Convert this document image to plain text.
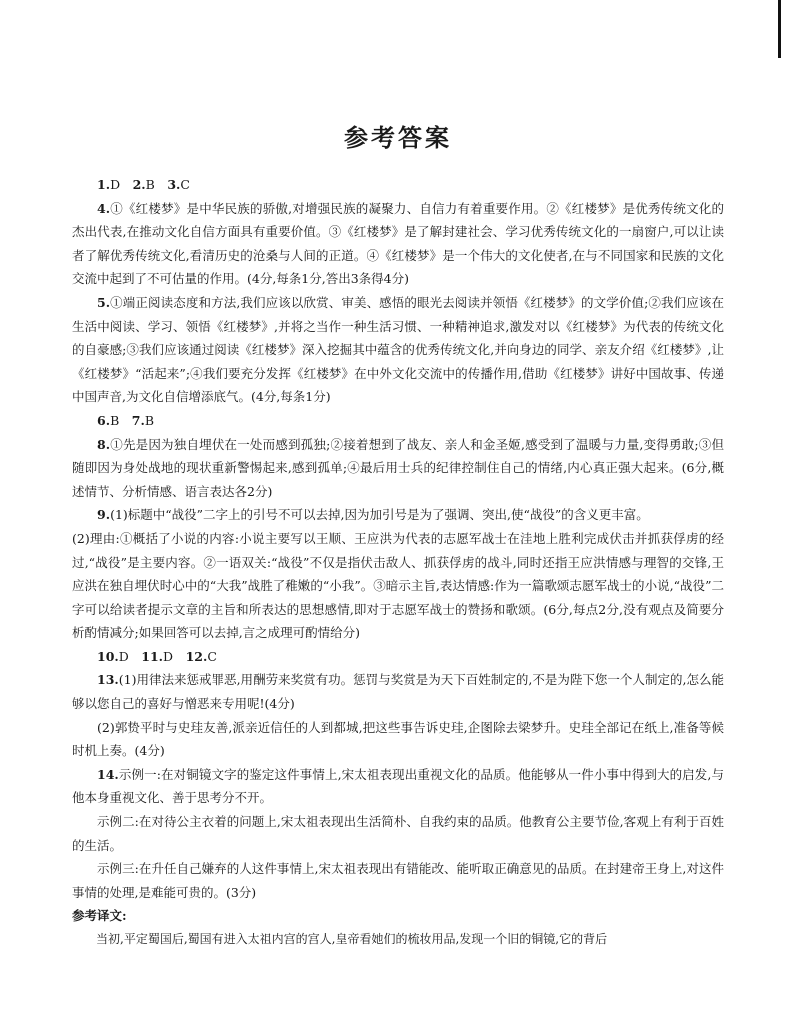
参考答案

1.D　2.B　3.C

4.①《红楼梦》是中华民族的骄傲,对增强民族的凝聚力、自信力有着重要作用。②《红楼梦》是优秀传统文化的杰出代表,在推动文化自信方面具有重要价值。③《红楼梦》是了解封建社会、学习优秀传统文化的一扇窗户,可以让读者了解优秀传统文化,看清历史的沧桑与人间的正道。④《红楼梦》是一个伟大的文化使者,在与不同国家和民族的文化交流中起到了不可估量的作用。(4分,每条1分,答出3条得4分)

5.①端正阅读态度和方法,我们应该以欣赏、审美、感悟的眼光去阅读并领悟《红楼梦》的文学价值;②我们应该在生活中阅读、学习、领悟《红楼梦》,并将之当作一种生活习惯、一种精神追求,激发对以《红楼梦》为代表的传统文化的自豪感;③我们应该通过阅读《红楼梦》深入挖掘其中蕴含的优秀传统文化,并向身边的同学、亲友介绍《红楼梦》,让《红楼梦》“活起来”;④我们要充分发挥《红楼梦》在中外文化交流中的传播作用,借助《红楼梦》讲好中国故事、传递中国声音,为文化自信增添底气。(4分,每条1分)

6.B　7.B

8.①先是因为独自埋伏在一处而感到孤独;②接着想到了战友、亲人和金圣姬,感受到了温暖与力量,变得勇敢;③但随即因为身处战地的现状重新警惕起来,感到孤单;④最后用士兵的纪律控制住自己的情绪,内心真正强大起来。(6分,概述情节、分析情感、语言表达各2分)

9.(1)标题中“战役”二字上的引号不可以去掉,因为加引号是为了强调、突出,使“战役”的含义更丰富。

(2)理由:①概括了小说的内容:小说主要写以王顺、王应洪为代表的志愿军战士在洼地上胜利完成伏击并抓获俘虏的经过,“战役”是主要内容。②一语双关:“战役”不仅是指伏击敌人、抓获俘虏的战斗,同时还指王应洪情感与理智的交锋,王应洪在独自埋伏时心中的“大我”战胜了稚嫩的“小我”。③暗示主旨,表达情感:作为一篇歌颂志愿军战士的小说,“战役”二字可以给读者提示文章的主旨和所表达的思想感情,即对于志愿军战士的赞扬和歌颂。(6分,每点2分,没有观点及简要分析酌情减分;如果回答可以去掉,言之成理可酌情给分)

10.D　11.D　12.C

13.(1)用律法来惩戒罪恶,用酬劳来奖赏有功。惩罚与奖赏是为天下百姓制定的,不是为陛下您一个人制定的,怎么能够以您自己的喜好与憎恶来专用呢!(4分)

(2)郭贽平时与史珪友善,派亲近信任的人到都城,把这些事告诉史珪,企图除去梁梦升。史珪全部记在纸上,准备等候时机上奏。(4分)

14.示例一:在对铜镜文字的鉴定这件事情上,宋太祖表现出重视文化的品质。他能够从一件小事中得到大的启发,与他本身重视文化、善于思考分不开。

示例二:在对待公主衣着的问题上,宋太祖表现出生活简朴、自我约束的品质。他教育公主要节俭,客观上有利于百姓的生活。

示例三:在升任自己嫌弃的人这件事情上,宋太祖表现出有错能改、能听取正确意见的品质。在封建帝王身上,对这件事情的处理,是难能可贵的。(3分)

参考译文:

当初,平定蜀国后,蜀国有进入太祖内宫的宫人,皇帝看她们的梳妆用品,发现一个旧的铜镜,它的背后
